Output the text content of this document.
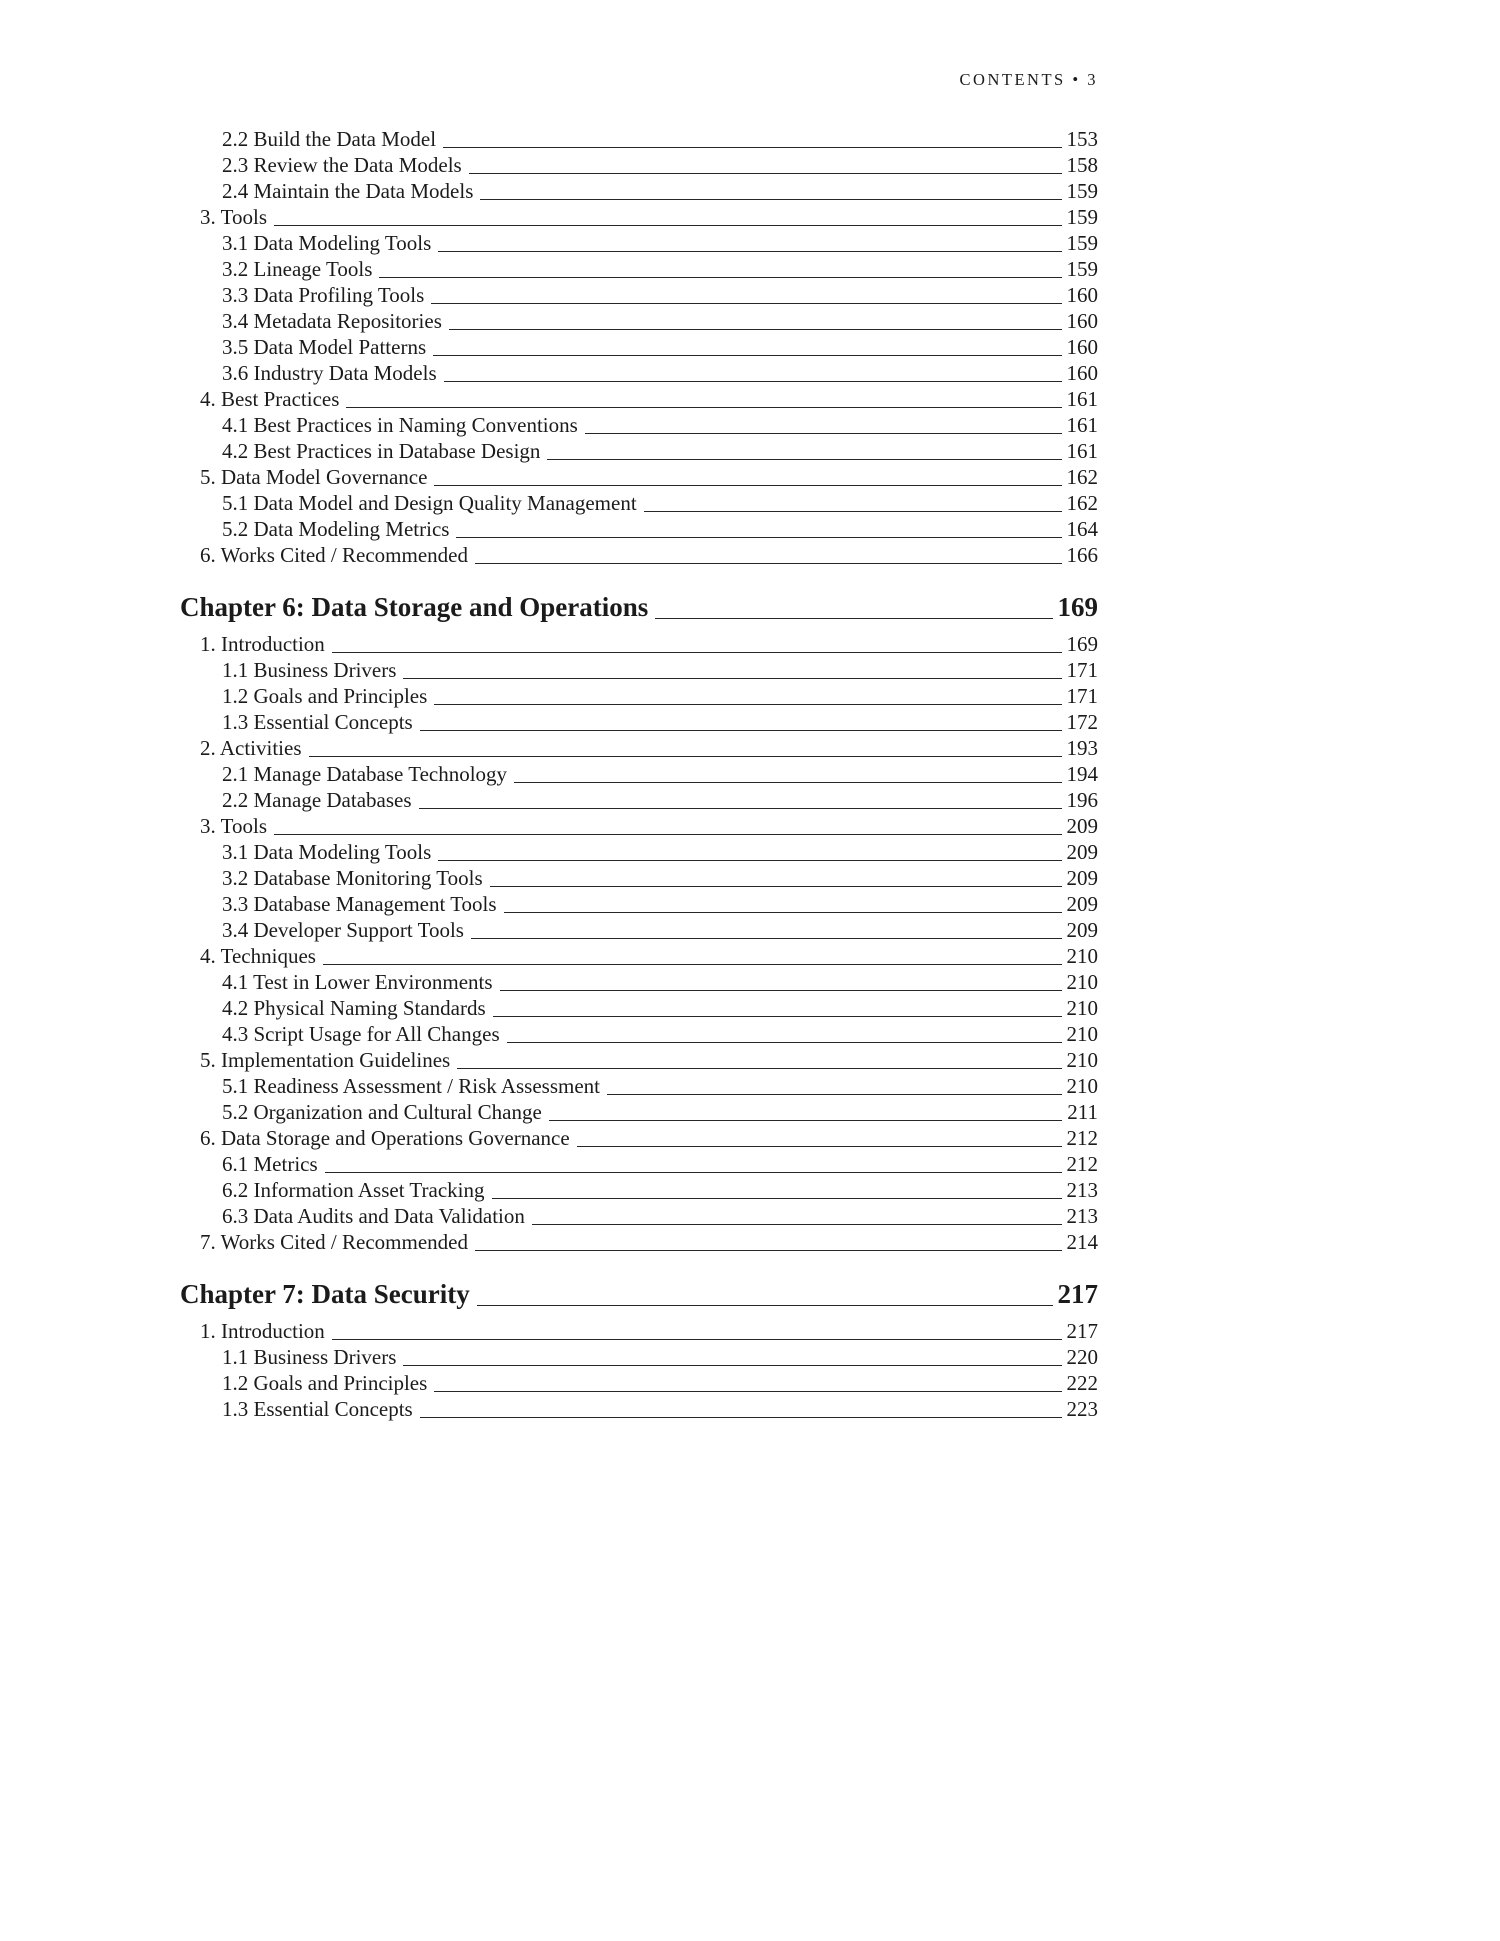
CONTENTS • 3
2.2 Build the Data Model	153
2.3 Review the Data Models	158
2.4 Maintain the Data Models	159
3. Tools	159
3.1 Data Modeling Tools	159
3.2 Lineage Tools	159
3.3 Data Profiling Tools	160
3.4 Metadata Repositories	160
3.5 Data Model Patterns	160
3.6 Industry Data Models	160
4. Best Practices	161
4.1 Best Practices in Naming Conventions	161
4.2 Best Practices in Database Design	161
5. Data Model Governance	162
5.1 Data Model and Design Quality Management	162
5.2 Data Modeling Metrics	164
6. Works Cited / Recommended	166
Chapter 6: Data Storage and Operations	169
1. Introduction	169
1.1 Business Drivers	171
1.2 Goals and Principles	171
1.3 Essential Concepts	172
2. Activities	193
2.1 Manage Database Technology	194
2.2 Manage Databases	196
3. Tools	209
3.1 Data Modeling Tools	209
3.2 Database Monitoring Tools	209
3.3 Database Management Tools	209
3.4 Developer Support Tools	209
4. Techniques	210
4.1 Test in Lower Environments	210
4.2 Physical Naming Standards	210
4.3 Script Usage for All Changes	210
5. Implementation Guidelines	210
5.1 Readiness Assessment / Risk Assessment	210
5.2 Organization and Cultural Change	211
6. Data Storage and Operations Governance	212
6.1 Metrics	212
6.2 Information Asset Tracking	213
6.3 Data Audits and Data Validation	213
7. Works Cited / Recommended	214
Chapter 7: Data Security	217
1. Introduction	217
1.1 Business Drivers	220
1.2 Goals and Principles	222
1.3 Essential Concepts	223
